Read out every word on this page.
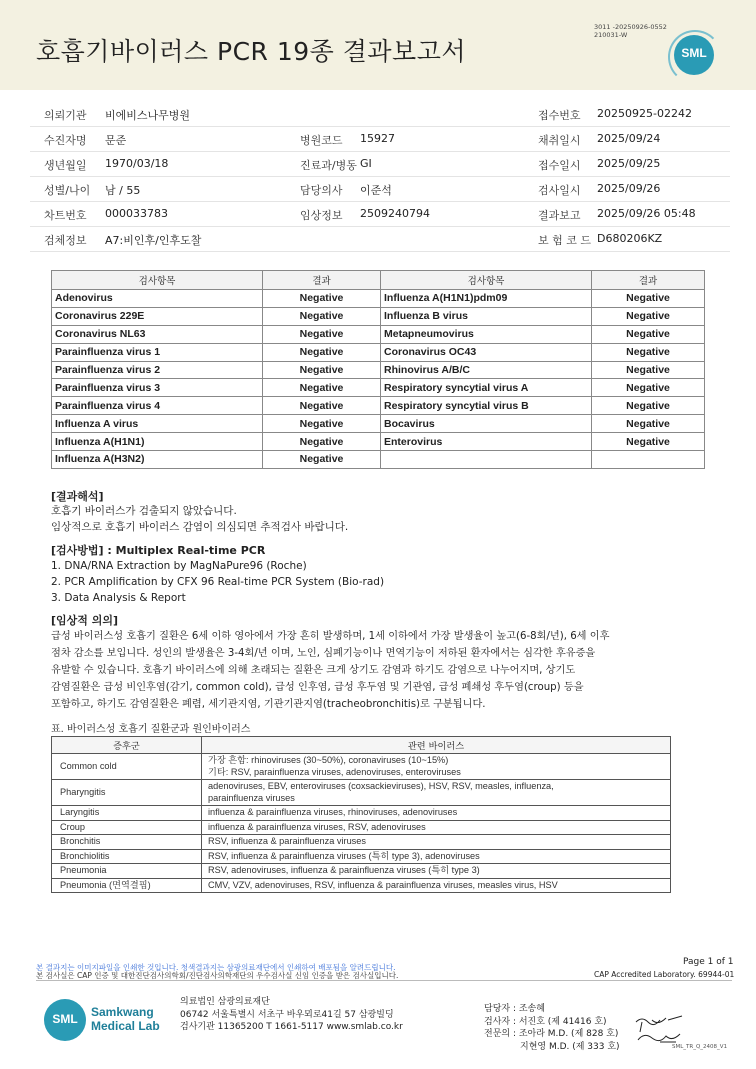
호흡기바이러스 PCR 19종 결과보고서
3011 -20250926-0552
210031-W
SML
의뢰기관 비에비스나무병원	접수번호 20250925-02242
수진자명 문준	병원코드 15927	채취일시 2025/09/24
생년월일 1970/03/18	진료과/병동 GI	접수일시 2025/09/25
성별/나이 남 / 55	담당의사 이준석	검사일시 2025/09/26
차트번호 000033783	임상정보 2509240794	결과보고 2025/09/26 05:48
검체정보 A7:비인후/인후도찰	보 험 코 드 D680206KZ
검사항목	결과	검사항목	결과
Adenovirus	Negative	Influenza A(H1N1)pdm09	Negative
Coronavirus 229E	Negative	Influenza B virus	Negative
Coronavirus NL63	Negative	Metapneumovirus	Negative
Parainfluenza virus 1	Negative	Coronavirus OC43	Negative
Parainfluenza virus 2	Negative	Rhinovirus A/B/C	Negative
Parainfluenza virus 3	Negative	Respiratory syncytial virus A	Negative
Parainfluenza virus 4	Negative	Respiratory syncytial virus B	Negative
Influenza A virus	Negative	Bocavirus	Negative
Influenza A(H1N1)	Negative	Enterovirus	Negative
Influenza A(H3N2)	Negative		
[결과해석]
호흡기 바이러스가 검출되지 않았습니다.
임상적으로 호흡기 바이러스 감염이 의심되면 추적검사 바랍니다.
[검사방법] : Multiplex Real-time PCR
1. DNA/RNA Extraction by MagNaPure96 (Roche)
2. PCR Amplification by CFX 96 Real-time PCR System (Bio-rad)
3. Data Analysis & Report
[임상적 의의]
급성 바이러스성 호흡기 질환은 6세 이하 영아에서 가장 흔히 발생하며, 1세 이하에서 가장 발생율이 높고(6-8회/년), 6세 이후
점차 감소를 보입니다. 성인의 발생율은 3-4회/년 이며, 노인, 심폐기능이나 면역기능이 저하된 환자에서는 심각한 후유증을
유발할 수 있습니다. 호흡기 바이러스에 의해 초래되는 질환은 크게 상기도 감염과 하기도 감염으로 나누어지며, 상기도
감염질환은 급성 비인후염(감기, common cold), 급성 인후염, 급성 후두염 및 기관염, 급성 폐쇄성 후두염(croup) 등을
포함하고, 하기도 감염질환은 폐렴, 세기관지염, 기관기관지염(tracheobronchitis)로 구분됩니다.
표. 바이러스성 호흡기 질환군과 원인바이러스
증후군	관련 바이러스
Common cold	가장 흔함: rhinoviruses (30~50%), coronaviruses (10~15%)
기타: RSV, parainfluenza viruses, adenoviruses, enteroviruses

Pharyngitis	adenoviruses, EBV, enteroviruses (coxsackieviruses), HSV, RSV, measles, influenza,
parainfluenza viruses

Laryngitis	influenza & parainfluenza viruses, rhinoviruses, adenoviruses

Croup	influenza & parainfluenza viruses, RSV, adenoviruses

Bronchitis	RSV, influenza & parainfluenza viruses

Bronchiolitis	RSV, influenza & parainfluenza viruses (특히 type 3), adenoviruses

Pneumonia	RSV, adenoviruses, influenza & parainfluenza viruses (특히 type 3)

Pneumonia (면역결핍)	CMV, VZV, adenoviruses, RSV, influenza & parainfluenza viruses, measles virus, HSV
본 결과지는 이미지파일을 인쇄한 것입니다. 청색결과지는 삼광의료재단에서 인쇄하여 배포됨을 알려드립니다.
본 검사실은 CAP 인증 및 대한진단검사의학회/진단검사의학재단의 우수검사실 신임 인증을 받은 검사실입니다.
Page 1 of 1
CAP Accredited Laboratory. 69944-01
SML	Samkwang
Medical Lab
의료법인 삼광의료재단
06742 서울특별시 서초구 바우뫼로41길 57 삼광빌딩
검사기관 11365200 T 1661-5117 www.smlab.co.kr
담당자 : 조송혜
검사자 : 서진호 (제 41416 호)
전문의 : 조아라 M.D. (제 828 호)
지현영 M.D. (제 333 호)	SML_TR_Q_2408_V1
